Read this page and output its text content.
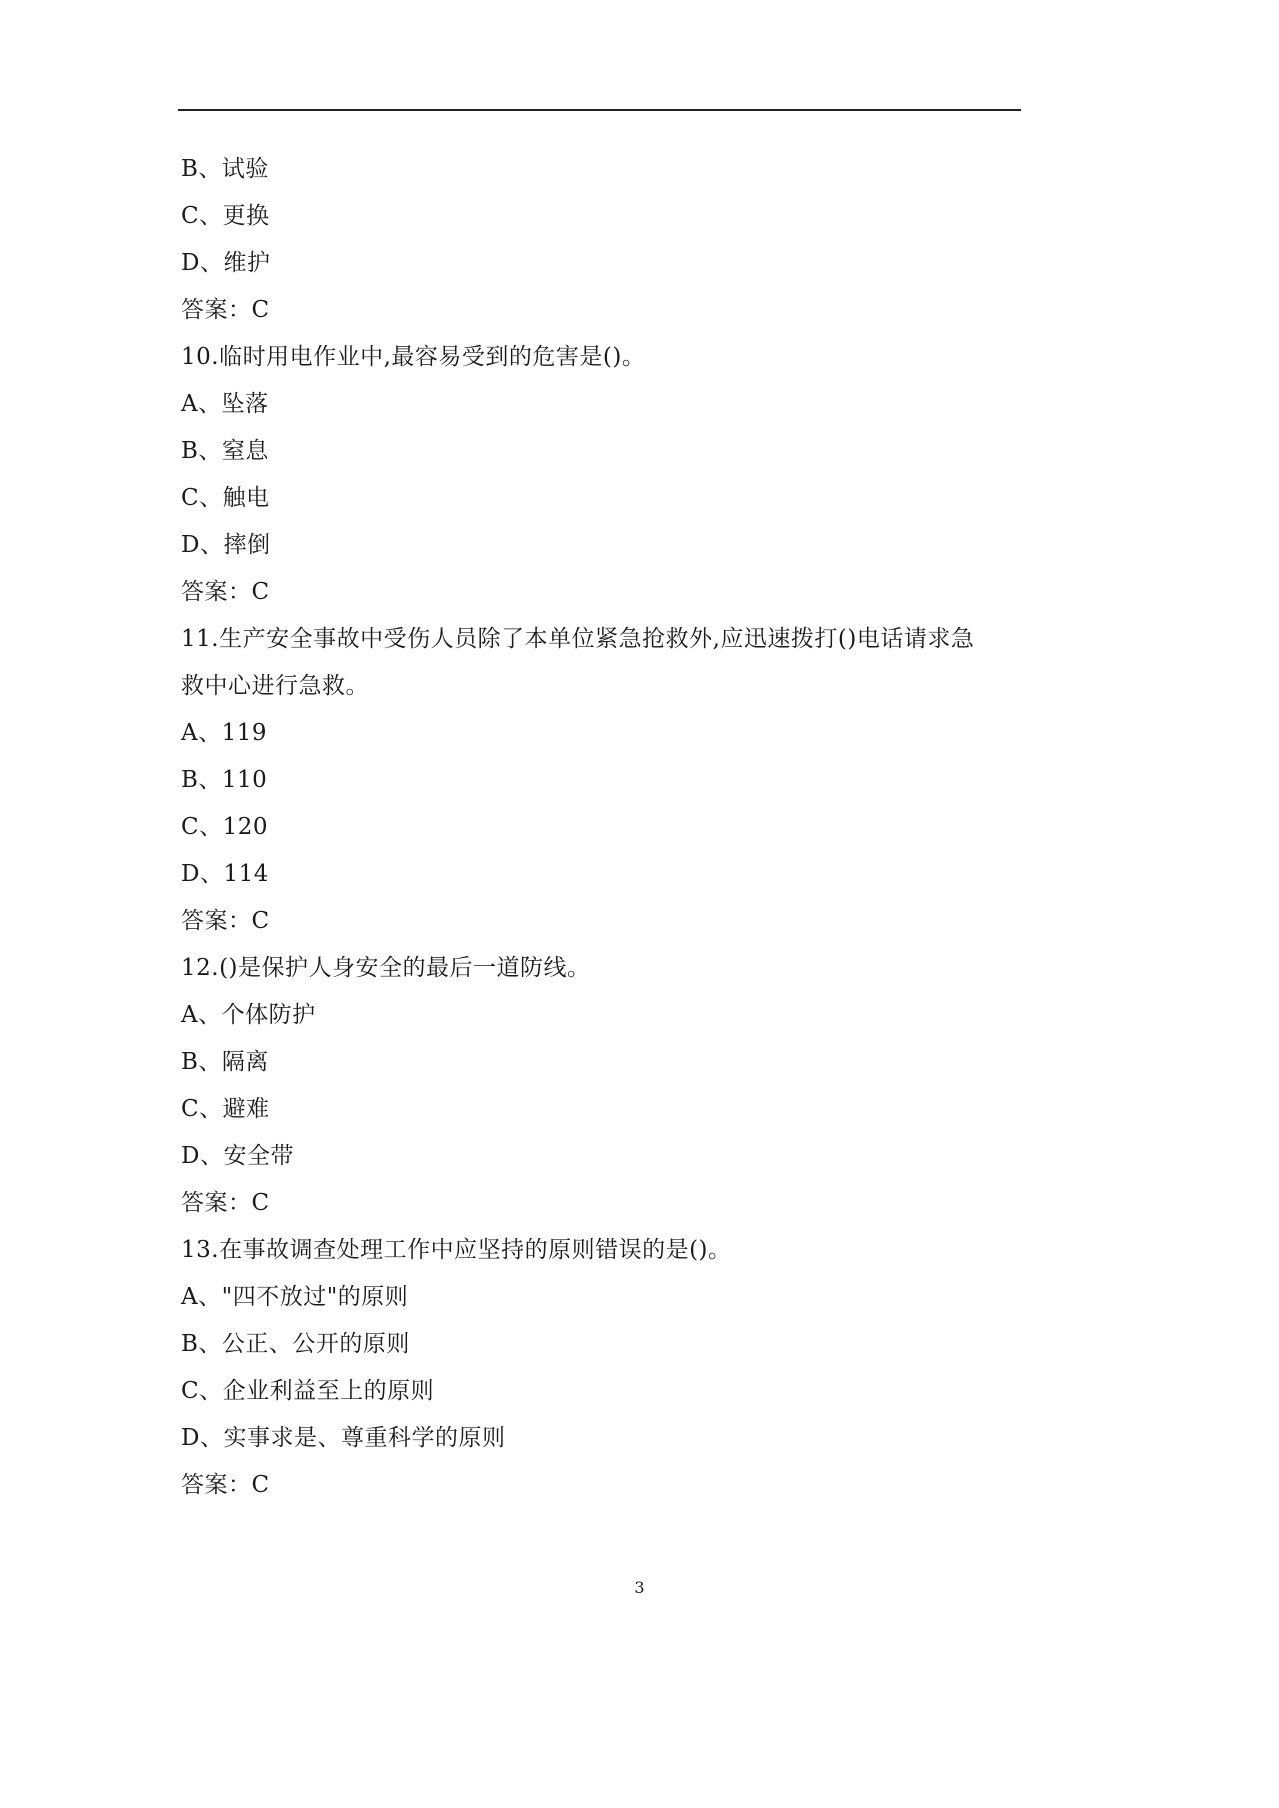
B、试验
C、更换
D、维护
答案：C
10.临时用电作业中,最容易受到的危害是()。
A、坠落
B、窒息
C、触电
D、摔倒
答案：C
11.生产安全事故中受伤人员除了本单位紧急抢救外,应迅速拨打()电话请求急
救中心进行急救。
A、119
B、110
C、120
D、114
答案：C
12.()是保护人身安全的最后一道防线。
A、个体防护
B、隔离
C、避难
D、安全带
答案：C
13.在事故调查处理工作中应坚持的原则错误的是()。
A、"四不放过"的原则
B、公正、公开的原则
C、企业利益至上的原则
D、实事求是、尊重科学的原则
答案：C
3
